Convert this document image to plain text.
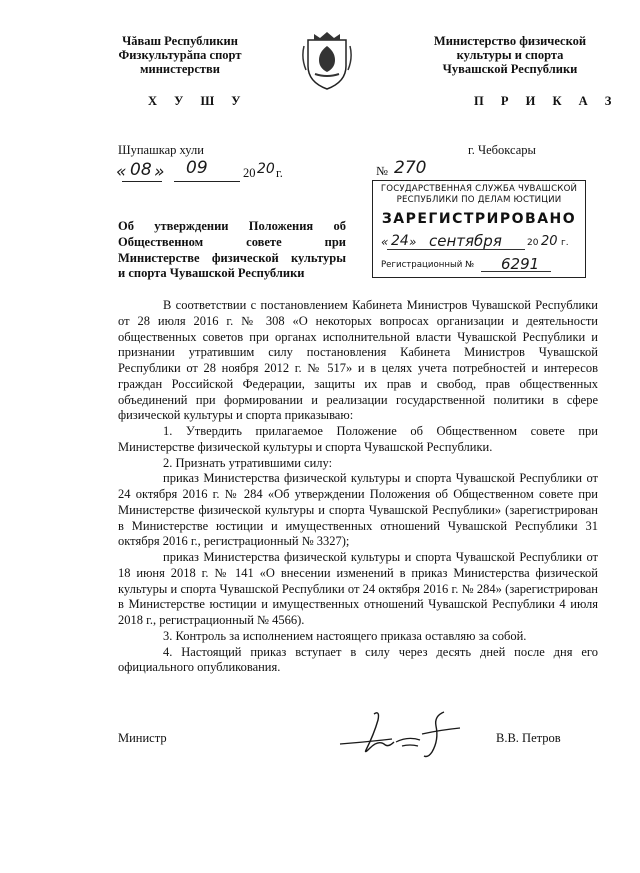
Чăваш Республикин
Физкультурăпа спорт
министерстви
Х У Ш У
Министерство физической
культуры и спорта
Чувашской Республики
П Р И К А З
Шупашкар хули	г. Чебоксары
« 08 » 09	20 20 г.	№ 270
ГОСУДАРСТВЕННАЯ СЛУЖБА ЧУВАШСКОЙ
РЕСПУБЛИКИ ПО ДЕЛАМ ЮСТИЦИИ
ЗАРЕГИСТРИРОВАНО
« 24 » сентября	20 20 г.
Регистрационный № 6291
Об утверждении Положения об
Общественном совете при
Министерстве физической культуры
и спорта Чувашской Республики

В соответствии с постановлением Кабинета Министров Чувашской Республики от 28 июля 2016 г. № 308 «О некоторых вопросах организации и деятельности общественных советов при органах исполнительной власти Чувашской Республики и признании утратившим силу постановления Кабинета Министров Чувашской Республики от 28 ноября 2012 г. № 517» и в целях учета потребностей и интересов граждан Российской Федерации, защиты их прав и свобод, прав общественных объединений при формировании и реализации государственной политики в сфере физической культуры и спорта приказываю:

1. Утвердить прилагаемое Положение об Общественном совете при Министерстве физической культуры и спорта Чувашской Республики.

2. Признать утратившими силу:

приказ Министерства физической культуры и спорта Чувашской Республики от 24 октября 2016 г. № 284 «Об утверждении Положения об Общественном совете при Министерстве физической культуры и спорта Чувашской Республики» (зарегистрирован в Министерстве юстиции и имущественных отношений Чувашской Республики 31 октября 2016 г., регистрационный № 3327);

приказ Министерства физической культуры и спорта Чувашской Республики от 18 июня 2018 г. № 141 «О внесении изменений в приказ Министерства физической культуры и спорта Чувашской Республики от 24 октября 2016 г. № 284» (зарегистрирован в Министерстве юстиции и имущественных отношений Чувашской Республики 4 июля 2018 г., регистрационный № 4566).

3. Контроль за исполнением настоящего приказа оставляю за собой.

4. Настоящий приказ вступает в силу через десять дней после дня его официального опубликования.

Министр	В.В. Петров
